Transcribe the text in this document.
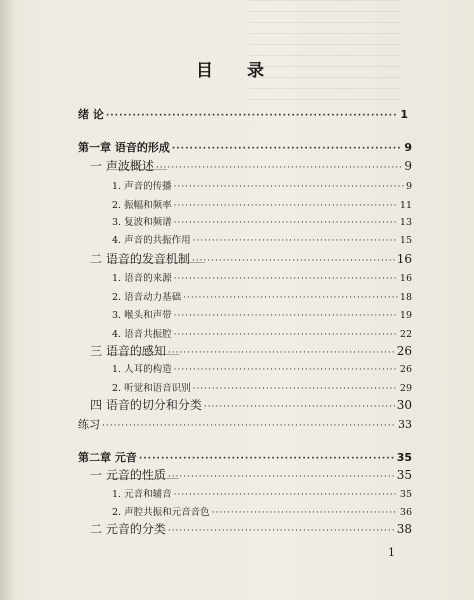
目 录
绪 论 ·····	1
第一章 语音的形成 ·····	9
一 声波概述 ·····	9
1. 声音的传播 ·····	9
2. 振幅和频率 ·····	11
3. 复波和频谱 ·····	13
4. 声音的共振作用 ·····	15
二 语音的发音机制 ·····	16
1. 语音的来源 ·····	16
2. 语音动力基础 ·····	18
3. 喉头和声带 ·····	19
4. 语音共振腔 ·····	22
三 语音的感知 ·····	26
1. 人耳的构造 ·····	26
2. 听觉和语音识别 ·····	29
四 语音的切分和分类 ·····	30
练习 ·····	33
第二章 元音 ·····	35
一 元音的性质 ·····	35
1. 元音和辅音 ·····	35
2. 声腔共振和元音音色 ·····	36
二 元音的分类 ·····	38
1
